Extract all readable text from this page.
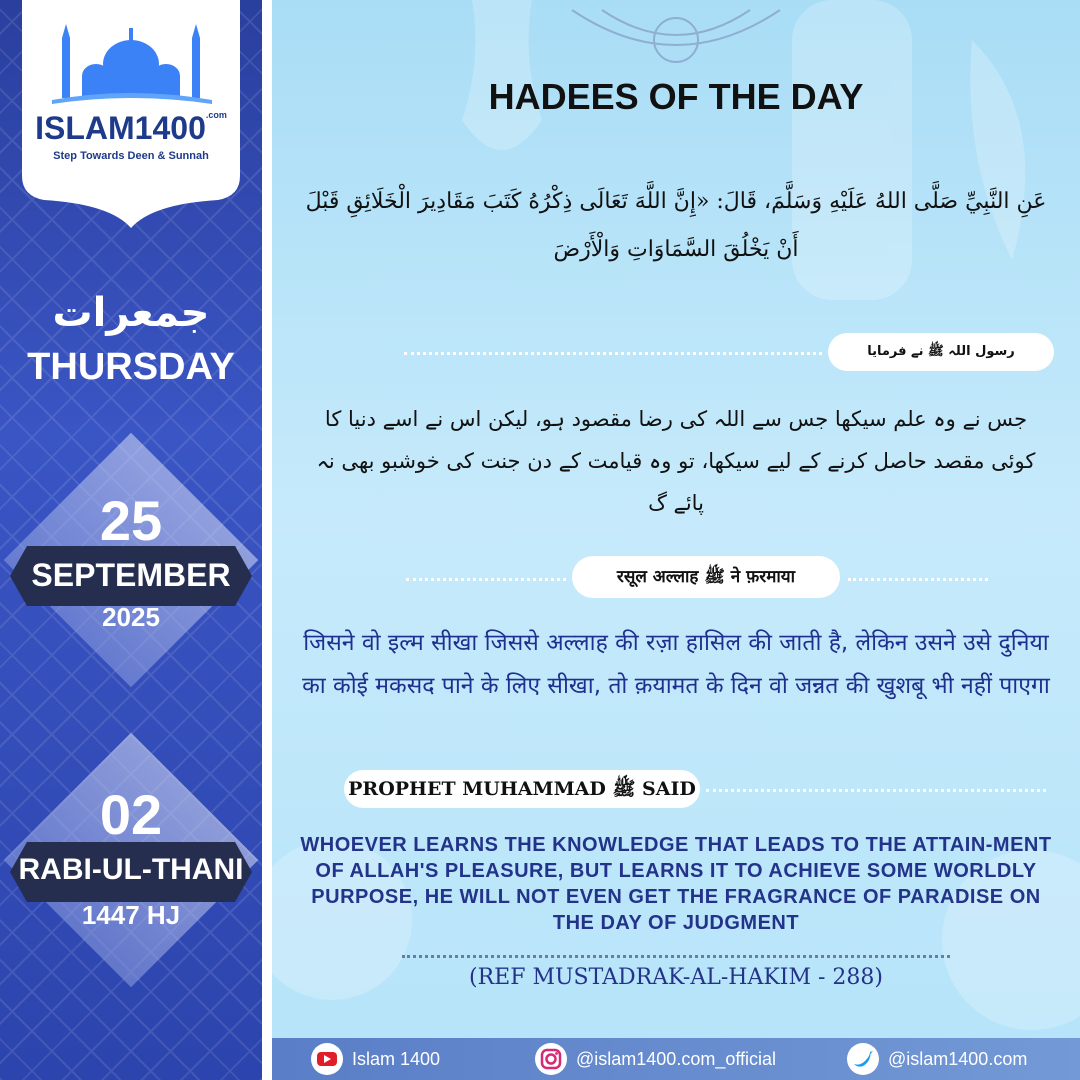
$ISLAM1400^{.com}$
Step Towards Deen & Sunnah
جمعرات
THURSDAY
25
SEPTEMBER
2025
02
RABI-UL-THANI
1447 HJ
HADEES OF THE DAY
عَنِ النَّبِيِّ صَلَّى اللهُ عَلَيْهِ وَسَلَّمَ، قَالَ: «إِنَّ اللَّهَ تَعَالَى ذِكْرُهُ كَتَبَ مَقَادِيرَ الْخَلَائِقِ قَبْلَ أَنْ يَخْلُقَ السَّمَاوَاتِ وَالْأَرْضَ
رسول اللہ ﷺ نے فرمایا
جس نے وہ علم سیکھا جس سے اللہ کی رضا مقصود ہو، لیکن اس نے اسے دنیا کا کوئی مقصد حاصل کرنے کے لیے سیکھا، تو وہ قیامت کے دن جنت کی خوشبو بھی نہ پائے گ
रसूल अल्लाह ﷺ ने फ़रमाया
जिसने वो इल्म सीखा जिससे अल्लाह की रज़ा हासिल की जाती है, लेकिन उसने उसे दुनिया का कोई मकसद पाने के लिए सीखा, तो क़यामत के दिन वो जन्नत की खुशबू भी नहीं पाएगा
PROPHET MUHAMMAD ﷺ SAID
WHOEVER LEARNS THE KNOWLEDGE THAT LEADS TO THE ATTAIN-MENT OF ALLAH'S PLEASURE, BUT LEARNS IT TO ACHIEVE SOME WORLDLY PURPOSE, HE WILL NOT EVEN GET THE FRAGRANCE OF PARADISE ON THE DAY OF JUDGMENT
(REF MUSTADRAK-AL-HAKIM - 288)
Islam 1400	@islam1400.com_official	@islam1400.com
